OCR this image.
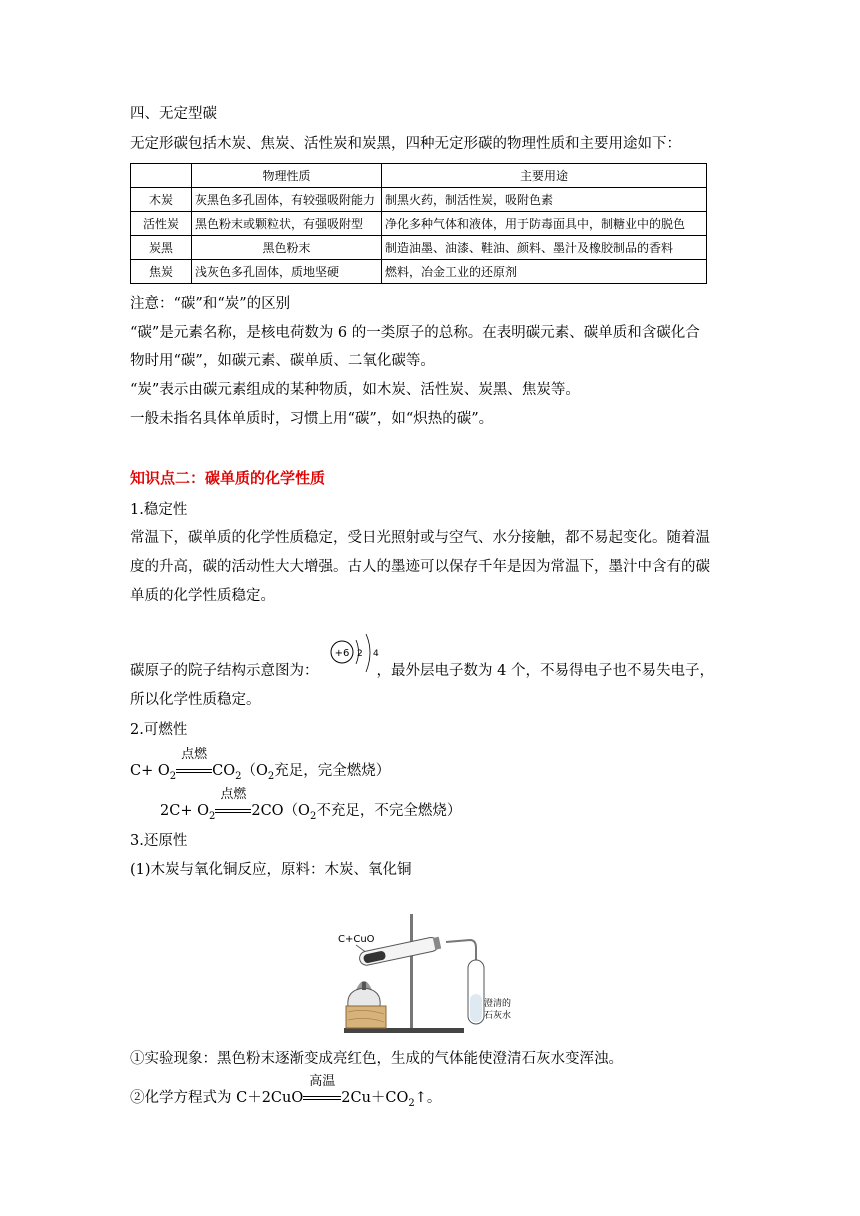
四、无定型碳
无定形碳包括木炭、焦炭、活性炭和炭黑，四种无定形碳的物理性质和主要用途如下：
	物理性质	主要用途
木炭	灰黑色多孔固体，有较强吸附能力	制黑火药，制活性炭，吸附色素
活性炭	黑色粉末或颗粒状，有强吸附型	净化多种气体和液体，用于防毒面具中，制糖业中的脱色
炭黑	黑色粉末	制造油墨、油漆、鞋油、颜料、墨汁及橡胶制品的香料
焦炭	浅灰色多孔固体，质地坚硬	燃料，冶金工业的还原剂
注意：“碳”和“炭”的区别
“碳”是元素名称，是核电荷数为 6 的一类原子的总称。在表明碳元素、碳单质和含碳化合
物时用“碳”，如碳元素、碳单质、二氧化碳等。
“炭”表示由碳元素组成的某种物质，如木炭、活性炭、炭黑、焦炭等。
一般未指名具体单质时，习惯上用“碳”，如“炽热的碳”。
知识点二：碳单质的化学性质
1.稳定性
常温下，碳单质的化学性质稳定，受日光照射或与空气、水分接触，都不易起变化。随着温
度的升高，碳的活动性大大增强。古人的墨迹可以保存千年是因为常温下，墨汁中含有的碳
单质的化学性质稳定。
碳原子的院子结构示意图为：	，最外层电子数为 4 个，不易得电子也不易失电子，
+6 2 4
所以化学性质稳定。
2.可燃性
$C+ O_2$
点燃
$CO_2(O_2$充足，完全燃烧）
$2C+ O_2$
点燃
$2CO(O_2$不充足，不完全燃烧）
3.还原性
(1)木炭与氧化铜反应，原料：木炭、氧化铜
C+CuO
澄清的
石灰水
①实验现象：黑色粉末逐渐变成亮红色，生成的气体能使澄清石灰水变浑浊。
②化学方程式为 C＋2CuO
高温
$2Cu+CO_2↑$。
